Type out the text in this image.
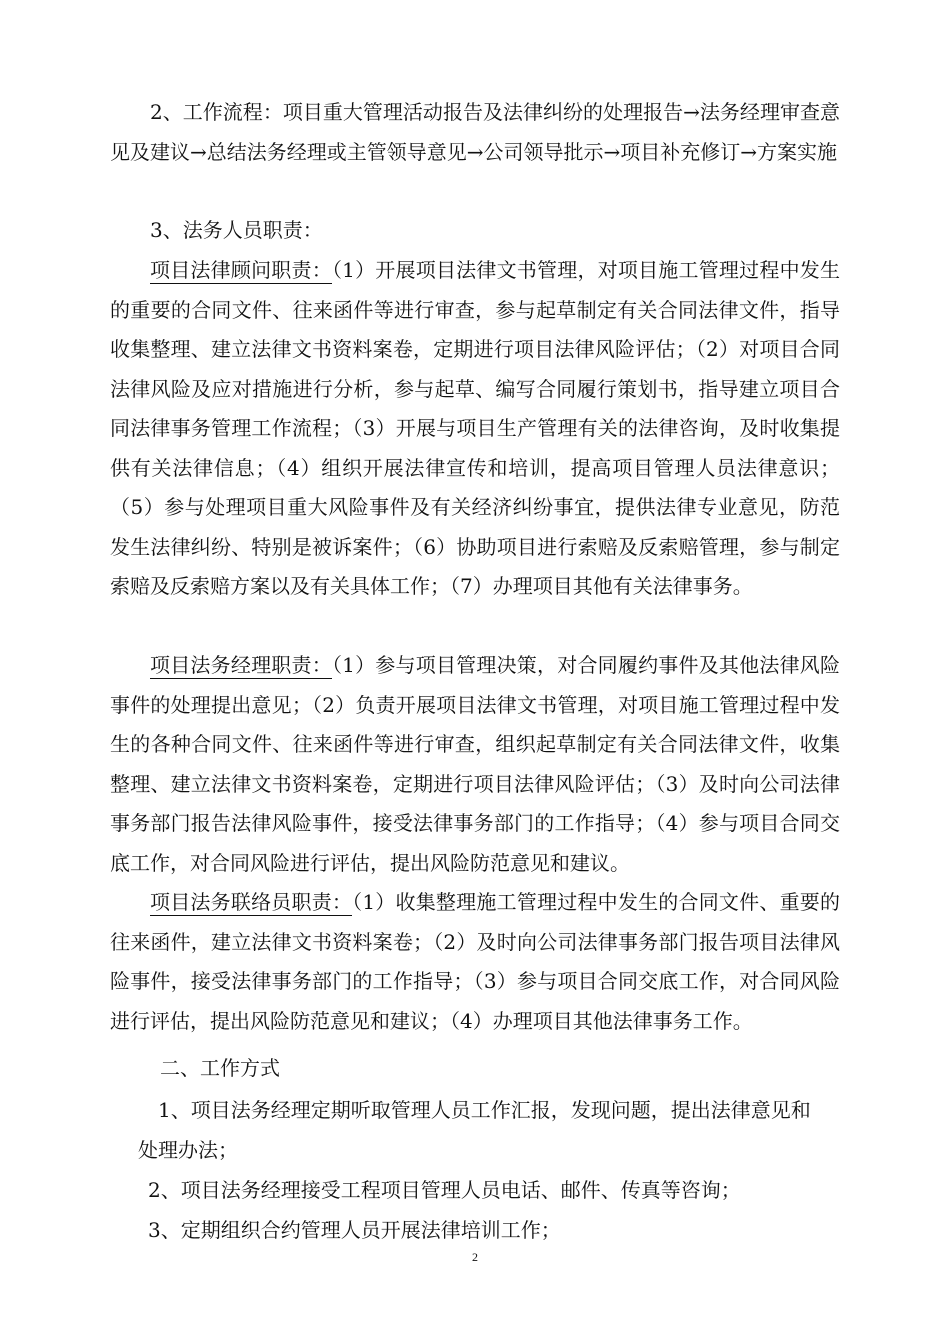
2、工作流程：项目重大管理活动报告及法律纠纷的处理报告→法务经理审查意见及建议→总结法务经理或主管领导意见→公司领导批示→项目补充修订→方案实施

3、法务人员职责：

项目法律顾问职责：（1）开展项目法律文书管理，对项目施工管理过程中发生的重要的合同文件、往来函件等进行审查，参与起草制定有关合同法律文件，指导收集整理、建立法律文书资料案卷，定期进行项目法律风险评估；（2）对项目合同法律风险及应对措施进行分析，参与起草、编写合同履行策划书，指导建立项目合同法律事务管理工作流程；（3）开展与项目生产管理有关的法律咨询，及时收集提供有关法律信息；（4）组织开展法律宣传和培训，提高项目管理人员法律意识；（5）参与处理项目重大风险事件及有关经济纠纷事宜，提供法律专业意见，防范发生法律纠纷、特别是被诉案件；（6）协助项目进行索赔及反索赔管理，参与制定索赔及反索赔方案以及有关具体工作；（7）办理项目其他有关法律事务。

项目法务经理职责：（1）参与项目管理决策，对合同履约事件及其他法律风险事件的处理提出意见；（2）负责开展项目法律文书管理，对项目施工管理过程中发生的各种合同文件、往来函件等进行审查，组织起草制定有关合同法律文件，收集整理、建立法律文书资料案卷，定期进行项目法律风险评估；（3）及时向公司法律事务部门报告法律风险事件，接受法律事务部门的工作指导；（4）参与项目合同交底工作，对合同风险进行评估，提出风险防范意见和建议。

项目法务联络员职责：（1）收集整理施工管理过程中发生的合同文件、重要的往来函件，建立法律文书资料案卷；（2）及时向公司法律事务部门报告项目法律风险事件，接受法律事务部门的工作指导；（3）参与项目合同交底工作，对合同风险进行评估，提出风险防范意见和建议；（4）办理项目其他法律事务工作。

二、工作方式

1、项目法务经理定期听取管理人员工作汇报，发现问题，提出法律意见和

处理办法；

2、项目法务经理接受工程项目管理人员电话、邮件、传真等咨询；

3、定期组织合约管理人员开展法律培训工作；

2
